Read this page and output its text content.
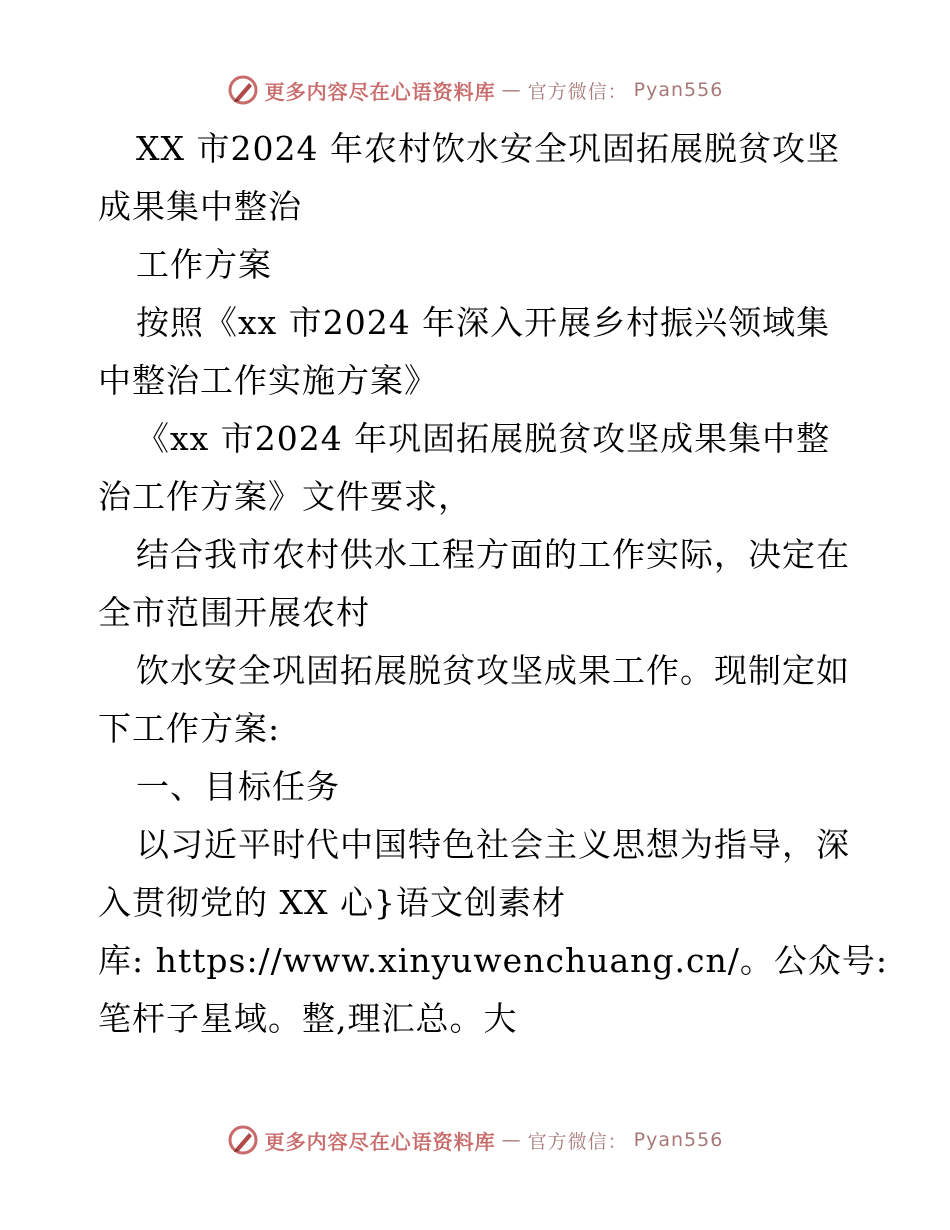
更多内容尽在心语资料库 — 官方微信： Pyan556
XX 市2024 年农村饮水安全巩固拓展脱贫攻坚
成果集中整治
工作方案
按照《xx 市2024 年深入开展乡村振兴领域集
中整治工作实施方案》
《xx 市2024 年巩固拓展脱贫攻坚成果集中整
治工作方案》文件要求，
结合我市农村供水工程方面的工作实际，决定在
全市范围开展农村
饮水安全巩固拓展脱贫攻坚成果工作。现制定如
下工作方案:
一、目标任务
以习近平时代中国特色社会主义思想为指导，深
入贯彻党的 XX 心}语文创素材
库: https://www.xinyuwenchuang.cn/。公众号:
笔杆子星域。整,理汇总。大
更多内容尽在心语资料库 — 官方微信： Pyan556
